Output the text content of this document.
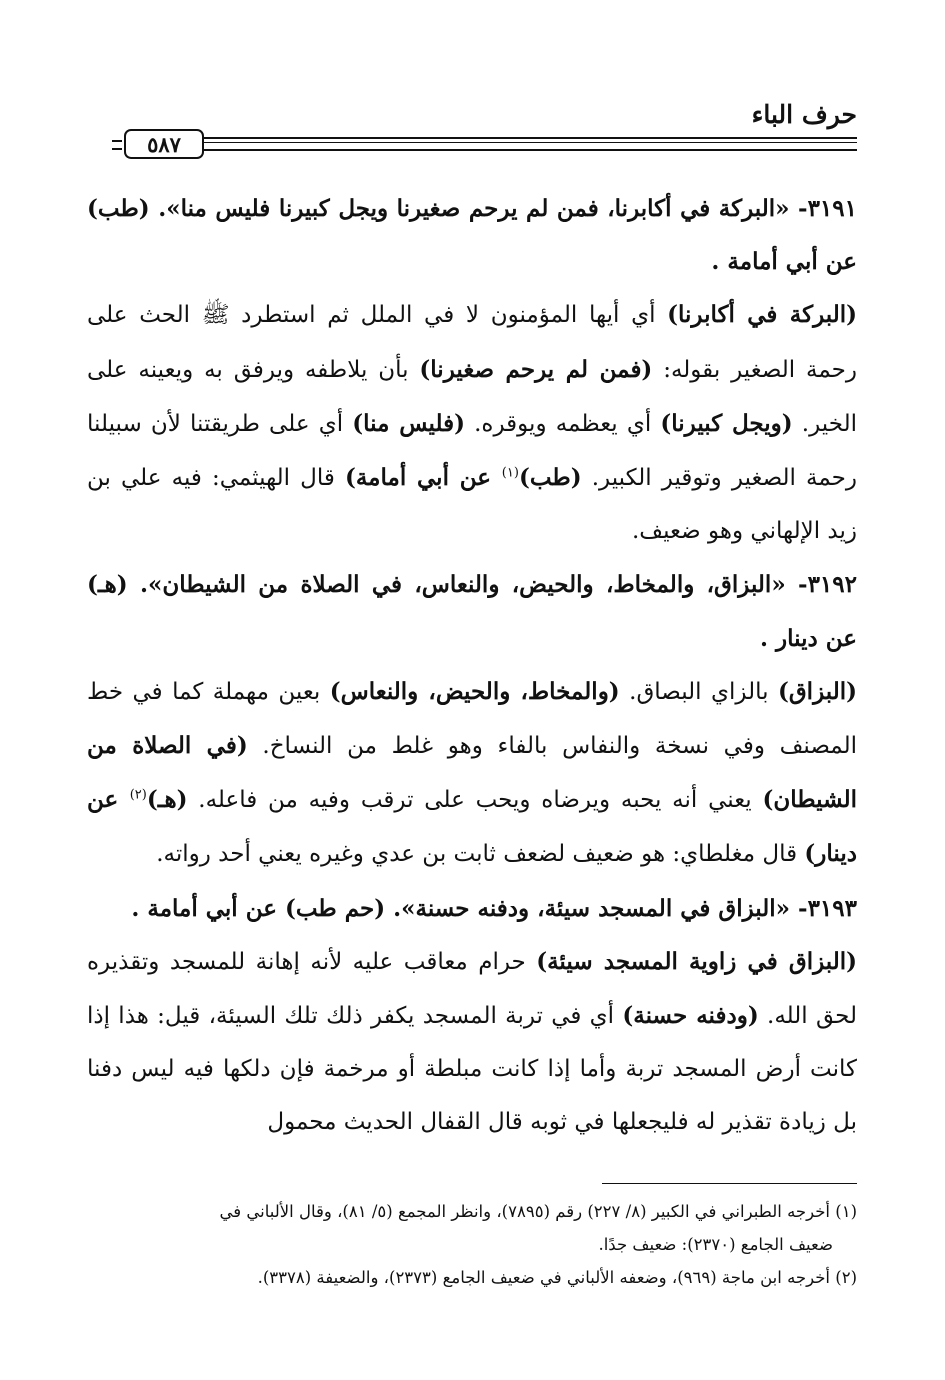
حرف الباء
٥٨٧

٣١٩١- «البركة في أكابرنا، فمن لم يرحم صغيرنا ويجل كبيرنا فليس منا». (طب) عن أبي أمامة .

(البركة في أكابرنا) أي أيها المؤمنون لا في الملل ثم استطرد ﷺ الحث على رحمة الصغير بقوله: (فمن لم يرحم صغيرنا) بأن يلاطفه ويرفق به ويعينه على الخير. (ويجل كبيرنا) أي يعظمه ويوقره. (فليس منا) أي على طريقتنا لأن سبيلنا رحمة الصغير وتوقير الكبير. (طب)$^{(١)}$ عن أبي أمامة) قال الهيثمي: فيه علي بن زيد الإلهاني وهو ضعيف.

٣١٩٢- «البزاق، والمخاط، والحيض، والنعاس، في الصلاة من الشيطان». (هـ) عن دينار .

(البزاق) بالزاي البصاق. (والمخاط، والحيض، والنعاس) بعين مهملة كما في خط المصنف وفي نسخة والنفاس بالفاء وهو غلط من النساخ. (في الصلاة من الشيطان) يعني أنه يحبه ويرضاه ويحب على ترقب وفيه من فاعله. (هـ)$^{(٢)}$ عن دينار) قال مغلطاي: هو ضعيف لضعف ثابت بن عدي وغيره يعني أحد رواته.

٣١٩٣- «البزاق في المسجد سيئة، ودفنه حسنة». (حم طب) عن أبي أمامة .

(البزاق في زاوية المسجد سيئة) حرام معاقب عليه لأنه إهانة للمسجد وتقذيره لحق الله. (ودفنه حسنة) أي في تربة المسجد يكفر ذلك تلك السيئة، قيل: هذا إذا كانت أرض المسجد تربة وأما إذا كانت مبلطة أو مرخمة فإن دلكها فيه ليس دفنا بل زيادة تقذير له فليجعلها في ثوبه قال القفال الحديث محمول

(١) أخرجه الطبراني في الكبير (٨/ ٢٢٧) رقم (٧٨٩٥)، وانظر المجمع (٥/ ٨١)، وقال الألباني في

ضعيف الجامع (٢٣٧٠): ضعيف جدًا.

(٢) أخرجه ابن ماجة (٩٦٩)، وضعفه الألباني في ضعيف الجامع (٢٣٧٣)، والضعيفة (٣٣٧٨).
